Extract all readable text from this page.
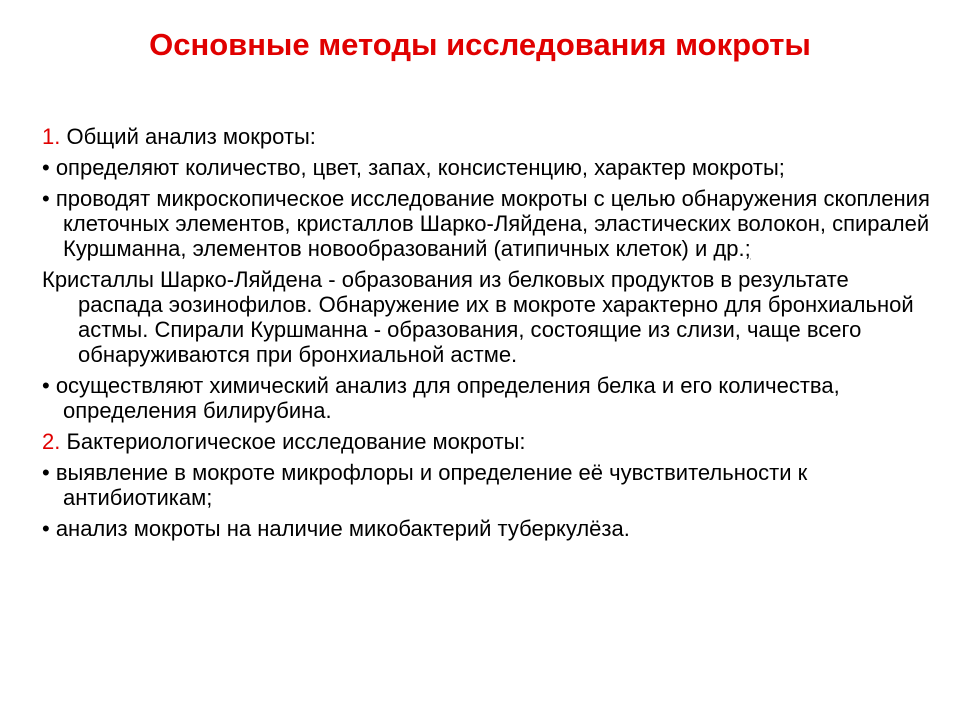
Основные методы исследования мокроты

1. Общий анализ мокроты:

• определяют количество, цвет, запах, консистенцию, характер мокроты;

• проводят микроскопическое исследование мокроты с целью обнаружения скопления клеточных элементов, кристаллов Шарко-Ляйдена, эластических волокон, спиралей Куршманна, элементов новообразований (атипичных клеток) и др.;

Кристаллы Шарко-Ляйдена - образования из белковых продуктов в результате распада эозинофилов. Обнаружение их в мокроте характерно для бронхиальной астмы. Спирали Куршманна - образования, состоящие из слизи, чаще всего обнаруживаются при бронхиальной астме.

• осуществляют химический анализ для определения белка и его количества, определения билирубина.

2. Бактериологическое исследование мокроты:

• выявление в мокроте микрофлоры и определение её чувствительности к антибиотикам;

• анализ мокроты на наличие микобактерий туберкулёза.
